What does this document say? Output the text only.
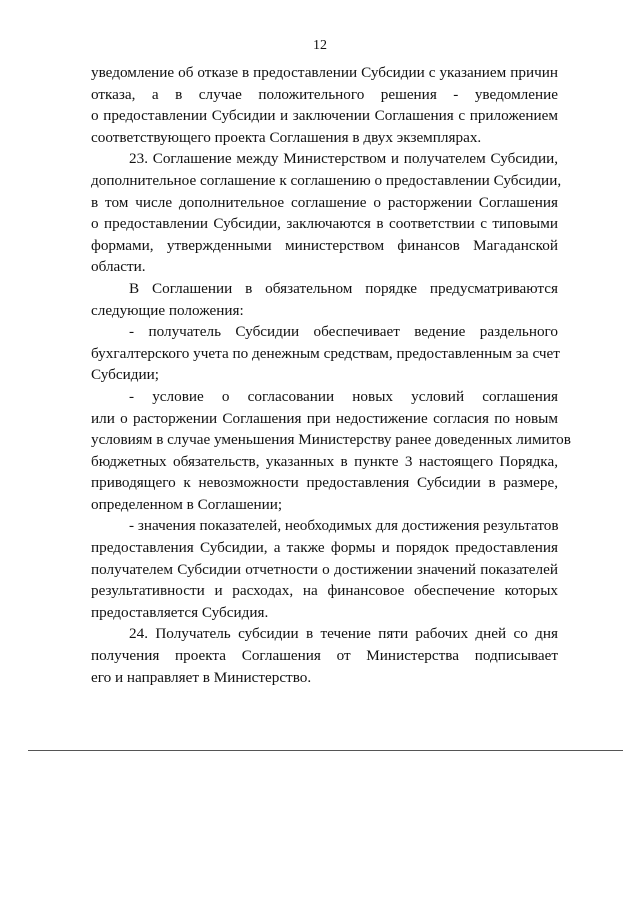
12
уведомление об отказе в предоставлении Субсидии с указанием причин
отказа, а в случае положительного решения - уведомление
о предоставлении Субсидии и заключении Соглашения с приложением
соответствующего проекта Соглашения в двух экземплярах.
23. Соглашение между Министерством и получателем Субсидии,
дополнительное соглашение к соглашению о предоставлении Субсидии,
в том числе дополнительное соглашение о расторжении Соглашения
о предоставлении Субсидии, заключаются в соответствии с типовыми
формами, утвержденными министерством финансов Магаданской
области.
В Соглашении в обязательном порядке предусматриваются
следующие положения:
- получатель Субсидии обеспечивает ведение раздельного
бухгалтерского учета по денежным средствам, предоставленным за счет
Субсидии;
- условие о согласовании новых условий соглашения
или о расторжении Соглашения при недостижение согласия по новым
условиям в случае уменьшения Министерству ранее доведенных лимитов
бюджетных обязательств, указанных в пункте 3 настоящего Порядка,
приводящего к невозможности предоставления Субсидии в размере,
определенном в Соглашении;
- значения показателей, необходимых для достижения результатов
предоставления Субсидии, а также формы и порядок предоставления
получателем Субсидии отчетности о достижении значений показателей
результативности и расходах, на финансовое обеспечение которых
предоставляется Субсидия.
24. Получатель субсидии в течение пяти рабочих дней со дня
получения проекта Соглашения от Министерства подписывает
его и направляет в Министерство.
